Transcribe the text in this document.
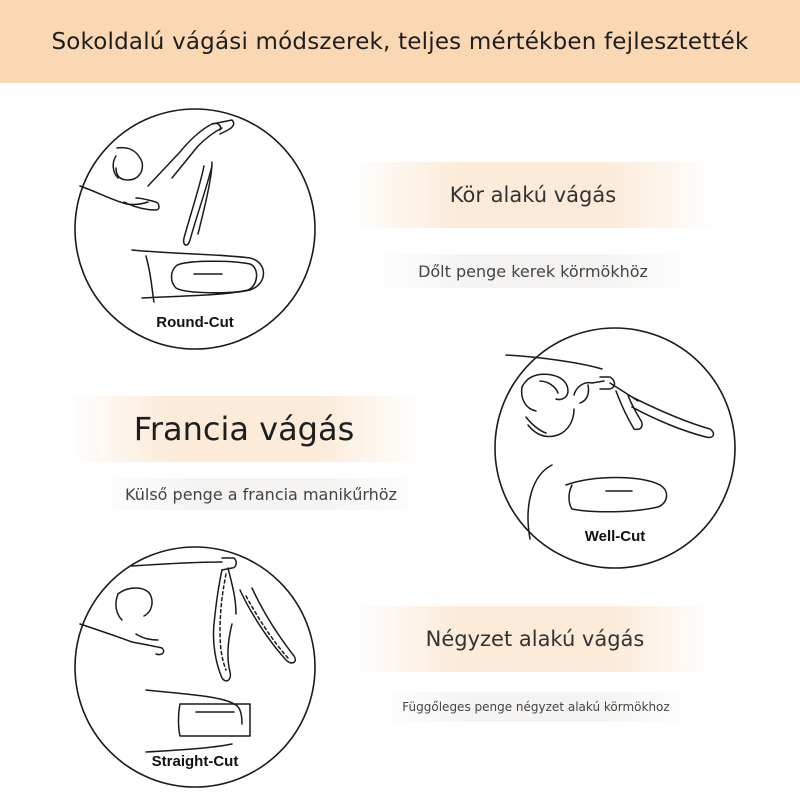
Sokoldalú vágási módszerek, teljes mértékben fejlesztették
Round-Cut
Kör alakú vágás
Dőlt penge kerek körmökhöz
Francia vágás
Külső penge a francia manikűrhöz
Well-Cut
Straight-Cut
Négyzet alakú vágás
Függőleges penge négyzet alakú körmökhoz
